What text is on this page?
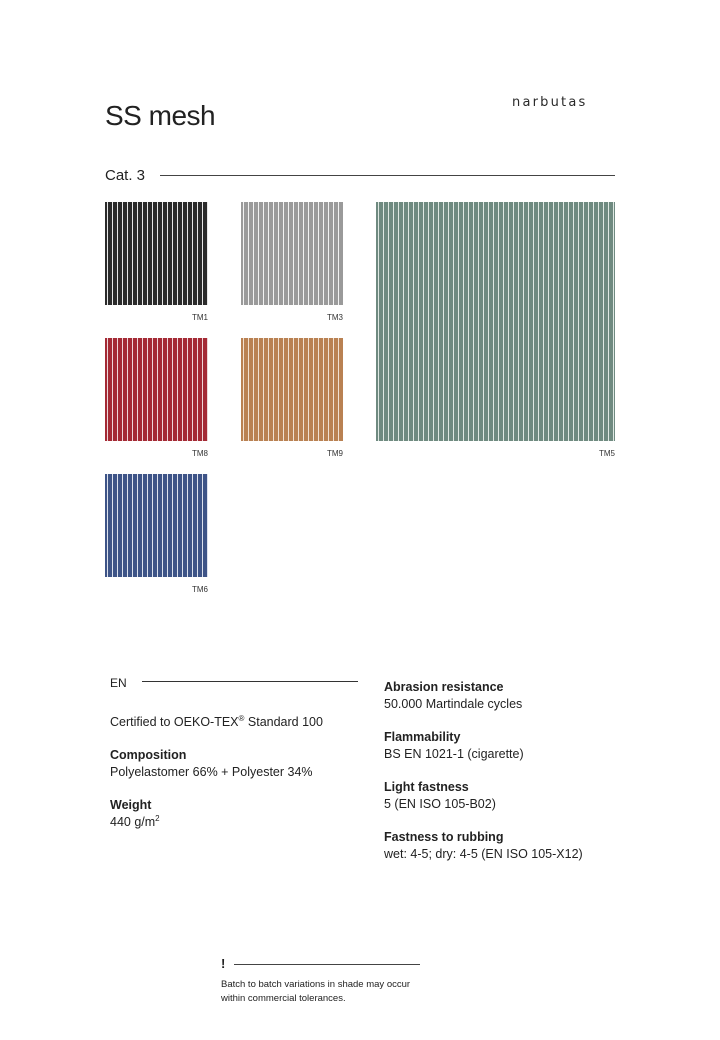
SS mesh	narbutas
Cat. 3
TM1	TM3
TM5
TM8	TM9
TM6
EN
Certified to OEKO-TEX® Standard 100
Composition
Polyelastomer 66% + Polyester 34%
Weight
440 $g/m^2$
Abrasion resistance
50.000 Martindale cycles
Flammability
BS EN 1021-1 (cigarette)
Light fastness
5 (EN ISO 105-B02)
Fastness to rubbing
wet: 4-5; dry: 4-5 (EN ISO 105-X12)
!
Batch to batch variations in shade may occur within commercial tolerances.
